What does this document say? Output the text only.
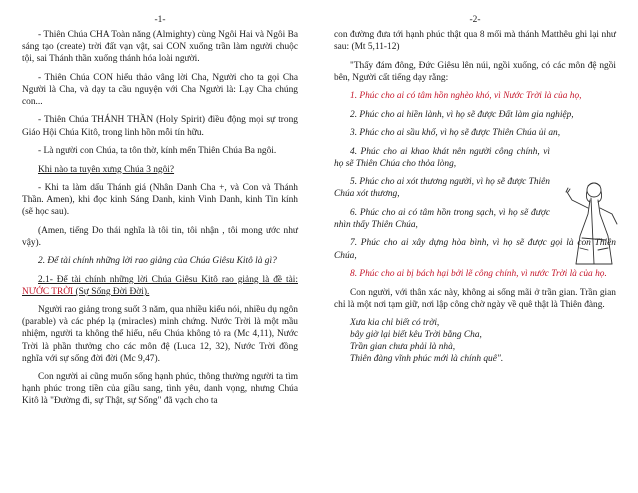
-1-

- Thiên Chúa CHA Toàn năng (Almighty) cùng Ngôi Hai và Ngôi Ba sáng tạo (create) trời đất vạn vật, sai CON xuống trần làm người chuộc tội, sai Thánh thần xuống thánh hóa loài người.

- Thiên Chúa CON hiểu thảo vâng lời Cha, Người cho ta gọi Cha Người là Cha, và dạy ta cầu nguyện với Cha Người là: Lạy Cha chúng con...

- Thiên Chúa THÁNH THẦN (Holy Spirit) điều động mọi sự trong Giáo Hội Chúa Kitô, trong linh hồn mỗi tín hữu.

- Là người con Chúa, ta tôn thờ, kính mến Thiên Chúa Ba ngôi.

Khi nào ta tuyên xưng Chúa 3 ngôi?

- Khi ta làm dấu Thánh giá (Nhân Danh Cha +, và Con và Thánh Thần. Amen), khi đọc kinh Sáng Danh, kinh Vinh Danh, kinh Tin kính (sẽ học sau).

(Amen, tiếng Do thái nghĩa là tôi tin, tôi nhận , tôi mong ước như vậy).

2. Để tài chính những lời rao giảng của Chúa Giêsu Kitô là gì?

2.1- Để tài chính những lời Chúa Giêsu Kitô rao giảng là đề tài: NƯỚC TRỜI (Sự Sống Đời Đời).

Người rao giảng trong suốt 3 năm, qua nhiều kiểu nói, nhiều dụ ngôn (parable) và các phép lạ (miracles) minh chứng. Nước Trời là một mầu nhiệm, người ta không thể hiểu, nếu Chúa không tỏ ra (Mc 4,11), Nước Trời là phần thưởng cho các môn đệ (Luca 12, 32), Nước Trời đồng nghĩa với sự sống đời đời (Mc 9,47).

Con người ai cũng muốn sống hạnh phúc, thông thường người ta tìm hạnh phúc trong tiền của giầu sang, tình yêu, danh vọng, nhưng Chúa Kitô là "Đường đi, sự Thật, sự Sống" đã vạch cho ta

-2-

con đường đưa tới hạnh phúc thật qua 8 mối mà thánh Matthêu ghi lại như sau: (Mt 5,11-12)

"Thấy đám đông, Đức Giêsu lên núi, ngồi xuống, có các môn đệ ngồi bên, Người cất tiếng dạy rằng:

1. Phúc cho ai có tâm hồn nghèo khó, vì Nước Trời là của họ,

2. Phúc cho ai hiền lành, vì họ sẽ được Đất làm gia nghiệp,

3. Phúc cho ai sầu khổ, vì họ sẽ được Thiên Chúa ủi an,

4. Phúc cho ai khao khát nên người công chính, vì họ sẽ Thiên Chúa cho thỏa lòng,

5. Phúc cho ai xót thương người, vì họ sẽ được Thiên Chúa xót thương,

6. Phúc cho ai có tâm hồn trong sạch, vì họ sẽ được nhìn thấy Thiên Chúa,

7. Phúc cho ai xây dựng hòa bình, vì họ sẽ được gọi là con Thiên Chúa,

8. Phúc cho ai bị bách hại bởi lẽ công chính, vì nước Trời là của họ.

Con người, với thân xác này, không ai sống mãi ở trần gian. Trần gian chỉ là một nơi tạm giữ, nơi lập công chờ ngày về quê thật là Thiên đàng.

Xưa kia chỉ biết có trời,
bây giờ lại biết kêu Trời bằng Cha,
Trần gian chưa phải là nhà,
Thiên đàng vĩnh phúc mới là chính quê".
